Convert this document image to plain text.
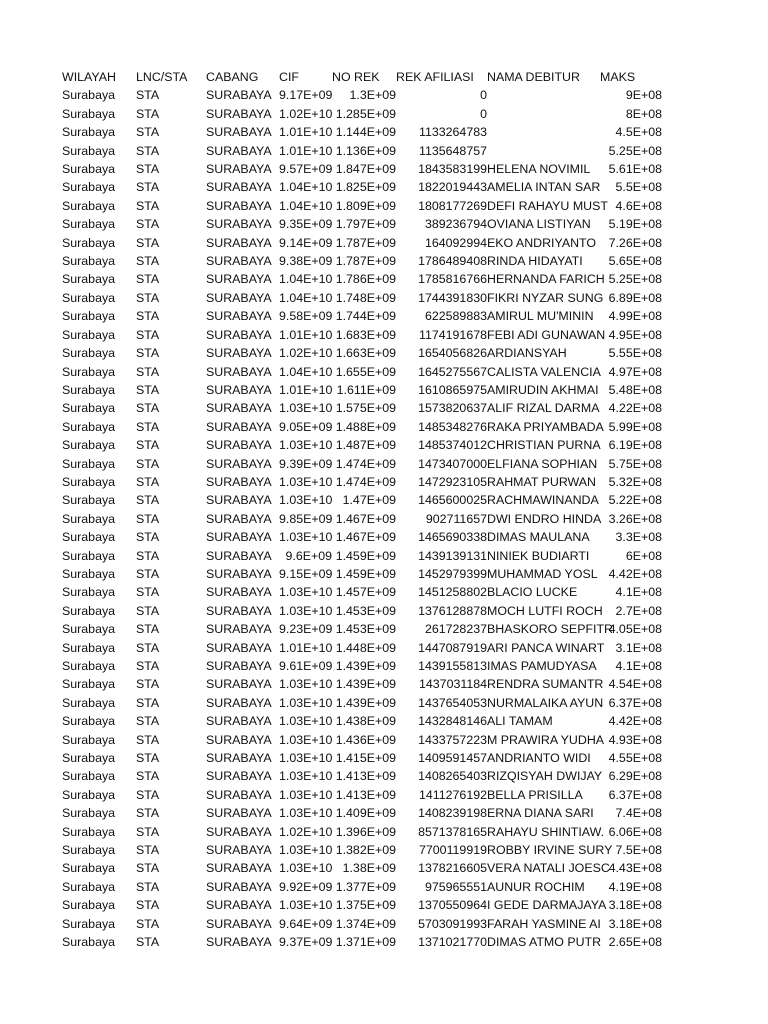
WILAYAH	LNC/STA	CABANG	CIF	NO REK	REK AFILIASI	NAMA DEBITUR	MAKS
Surabaya	STA	SURABAYA	9.17E+09	1.3E+09	0		9E+08
Surabaya	STA	SURABAYA	1.02E+10	1.285E+09	0		8E+08
Surabaya	STA	SURABAYA	1.01E+10	1.144E+09	1133264783		4.5E+08
Surabaya	STA	SURABAYA	1.01E+10	1.136E+09	1135648757		5.25E+08
Surabaya	STA	SURABAYA	9.57E+09	1.847E+09	1843583199	HELENA NOVIMIL	5.61E+08
Surabaya	STA	SURABAYA	1.04E+10	1.825E+09	1822019443	AMELIA INTAN SAR	5.5E+08
Surabaya	STA	SURABAYA	1.04E+10	1.809E+09	1808177269	DEFI RAHAYU MUST	4.6E+08
Surabaya	STA	SURABAYA	9.35E+09	1.797E+09	389236794	OVIANA LISTIYAN	5.19E+08
Surabaya	STA	SURABAYA	9.14E+09	1.787E+09	164092994	EKO ANDRIYANTO	7.26E+08
Surabaya	STA	SURABAYA	9.38E+09	1.787E+09	1786489408	RINDA HIDAYATI	5.65E+08
Surabaya	STA	SURABAYA	1.04E+10	1.786E+09	1785816766	HERNANDA FARICH	5.25E+08
Surabaya	STA	SURABAYA	1.04E+10	1.748E+09	1744391830	FIKRI NYZAR SUNG	6.89E+08
Surabaya	STA	SURABAYA	9.58E+09	1.744E+09	622589883	AMIRUL MU'MININ	4.99E+08
Surabaya	STA	SURABAYA	1.01E+10	1.683E+09	1174191678	FEBI ADI GUNAWAN	4.95E+08
Surabaya	STA	SURABAYA	1.02E+10	1.663E+09	1654056826	ARDIANSYAH	5.55E+08
Surabaya	STA	SURABAYA	1.04E+10	1.655E+09	1645275567	CALISTA VALENCIA	4.97E+08
Surabaya	STA	SURABAYA	1.01E+10	1.611E+09	1610865975	AMIRUDIN AKHMAI	5.48E+08
Surabaya	STA	SURABAYA	1.03E+10	1.575E+09	1573820637	ALIF RIZAL DARMA	4.22E+08
Surabaya	STA	SURABAYA	9.05E+09	1.488E+09	1485348276	RAKA PRIYAMBADA	5.99E+08
Surabaya	STA	SURABAYA	1.03E+10	1.487E+09	1485374012	CHRISTIAN PURNA	6.19E+08
Surabaya	STA	SURABAYA	9.39E+09	1.474E+09	1473407000	ELFIANA SOPHIAN	5.75E+08
Surabaya	STA	SURABAYA	1.03E+10	1.474E+09	1472923105	RAHMAT PURWAN	5.32E+08
Surabaya	STA	SURABAYA	1.03E+10	1.47E+09	1465600025	RACHMAWINANDA	5.22E+08
Surabaya	STA	SURABAYA	9.85E+09	1.467E+09	902711657	DWI ENDRO HINDA	3.26E+08
Surabaya	STA	SURABAYA	1.03E+10	1.467E+09	1465690338	DIMAS MAULANA	3.3E+08
Surabaya	STA	SURABAYA	9.6E+09	1.459E+09	1439139131	NINIEK BUDIARTI	6E+08
Surabaya	STA	SURABAYA	9.15E+09	1.459E+09	1452979399	MUHAMMAD YOSL	4.42E+08
Surabaya	STA	SURABAYA	1.03E+10	1.457E+09	1451258802	BLACIO LUCKE	4.1E+08
Surabaya	STA	SURABAYA	1.03E+10	1.453E+09	1376128878	MOCH LUTFI ROCH	2.7E+08
Surabaya	STA	SURABAYA	9.23E+09	1.453E+09	261728237	BHASKORO SEPFITR	4.05E+08
Surabaya	STA	SURABAYA	1.01E+10	1.448E+09	1447087919	ARI PANCA WINART	3.1E+08
Surabaya	STA	SURABAYA	9.61E+09	1.439E+09	1439155813	IMAS PAMUDYASA	4.1E+08
Surabaya	STA	SURABAYA	1.03E+10	1.439E+09	1437031184	RENDRA SUMANTR	4.54E+08
Surabaya	STA	SURABAYA	1.03E+10	1.439E+09	1437654053	NURMALAIKA AYUN	6.37E+08
Surabaya	STA	SURABAYA	1.03E+10	1.438E+09	1432848146	ALI TAMAM	4.42E+08
Surabaya	STA	SURABAYA	1.03E+10	1.436E+09	1433757223	M PRAWIRA YUDHA	4.93E+08
Surabaya	STA	SURABAYA	1.03E+10	1.415E+09	1409591457	ANDRIANTO WIDI	4.55E+08
Surabaya	STA	SURABAYA	1.03E+10	1.413E+09	1408265403	RIZQISYAH DWIJAY	6.29E+08
Surabaya	STA	SURABAYA	1.03E+10	1.413E+09	1411276192	BELLA PRISILLA	6.37E+08
Surabaya	STA	SURABAYA	1.03E+10	1.409E+09	1408239198	ERNA DIANA SARI	7.4E+08
Surabaya	STA	SURABAYA	1.02E+10	1.396E+09	8571378165	RAHAYU SHINTIAW.	6.06E+08
Surabaya	STA	SURABAYA	1.03E+10	1.382E+09	7700119919	ROBBY IRVINE SURY	7.5E+08
Surabaya	STA	SURABAYA	1.03E+10	1.38E+09	1378216605	VERA NATALI JOESC	4.43E+08
Surabaya	STA	SURABAYA	9.92E+09	1.377E+09	975965551	AUNUR ROCHIM	4.19E+08
Surabaya	STA	SURABAYA	1.03E+10	1.375E+09	1370550964	I GEDE DARMAJAYA	3.18E+08
Surabaya	STA	SURABAYA	9.64E+09	1.374E+09	5703091993	FARAH YASMINE AI	3.18E+08
Surabaya	STA	SURABAYA	9.37E+09	1.371E+09	1371021770	DIMAS ATMO PUTR	2.65E+08
